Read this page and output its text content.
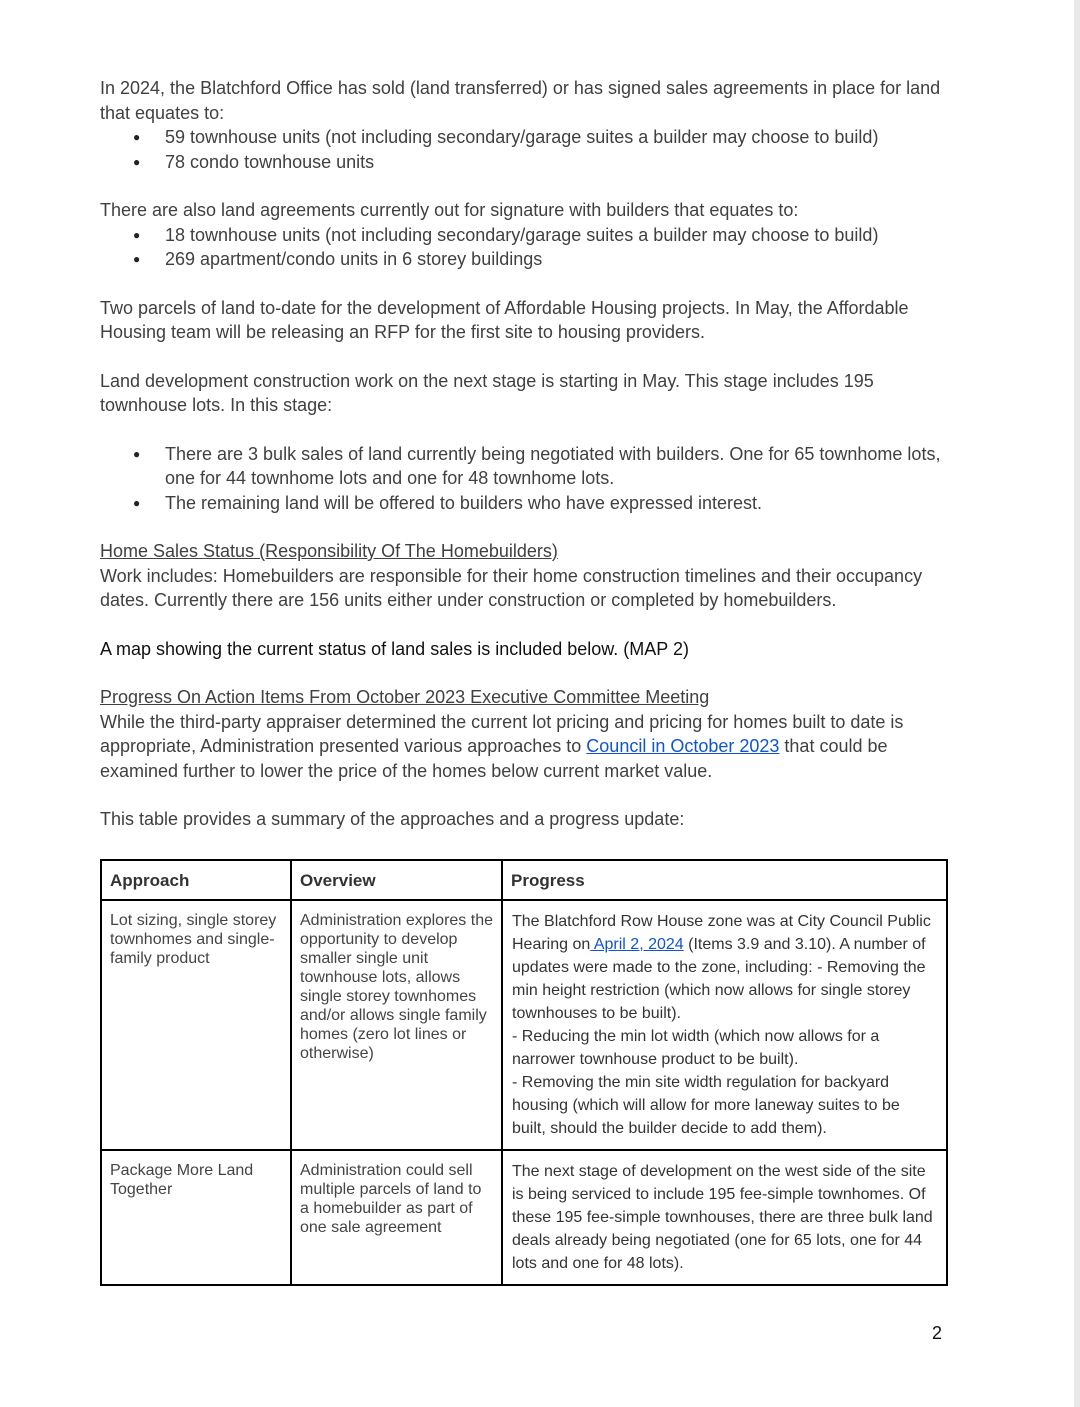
In 2024, the Blatchford Office has sold (land transferred) or has signed sales agreements in place for land that equates to:

● 59 townhouse units (not including secondary/garage suites a builder may choose to build)
● 78 condo townhouse units

There are also land agreements currently out for signature with builders that equates to:

● 18 townhouse units (not including secondary/garage suites a builder may choose to build)
● 269 apartment/condo units in 6 storey buildings

Two parcels of land to-date for the development of Affordable Housing projects. In May, the Affordable Housing team will be releasing an RFP for the first site to housing providers.

Land development construction work on the next stage is starting in May. This stage includes 195 townhouse lots. In this stage:

● There are 3 bulk sales of land currently being negotiated with builders. One for 65 townhome lots, one for 44 townhome lots and one for 48 townhome lots.
● The remaining land will be offered to builders who have expressed interest.

Home Sales Status (Responsibility Of The Homebuilders)

Work includes: Homebuilders are responsible for their home construction timelines and their occupancy dates. Currently there are 156 units either under construction or completed by homebuilders.

A map showing the current status of land sales is included below. (MAP 2)

Progress On Action Items From October 2023 Executive Committee Meeting

While the third-party appraiser determined the current lot pricing and pricing for homes built to date is appropriate, Administration presented various approaches to Council in October 2023 that could be examined further to lower the price of the homes below current market value.

This table provides a summary of the approaches and a progress update:

Approach	Overview	Progress
Lot sizing, single storey townhomes and single-family product	Administration explores the opportunity to develop smaller single unit townhouse lots, allows single storey townhomes and/or allows single family homes (zero lot lines or otherwise)	The Blatchford Row House zone was at City Council Public Hearing on April 2, 2024 (Items 3.9 and 3.10). A number of updates were made to the zone, including: - Removing the min height restriction (which now allows for single storey townhouses to be built).
- Reducing the min lot width (which now allows for a narrower townhouse product to be built).
- Removing the min site width regulation for backyard housing (which will allow for more laneway suites to be built, should the builder decide to add them).
Package More Land Together	Administration could sell multiple parcels of land to a homebuilder as part of one sale agreement	The next stage of development on the west side of the site is being serviced to include 195 fee-simple townhomes. Of these 195 fee-simple townhouses, there are three bulk land deals already being negotiated (one for 65 lots, one for 44 lots and one for 48 lots).
2
